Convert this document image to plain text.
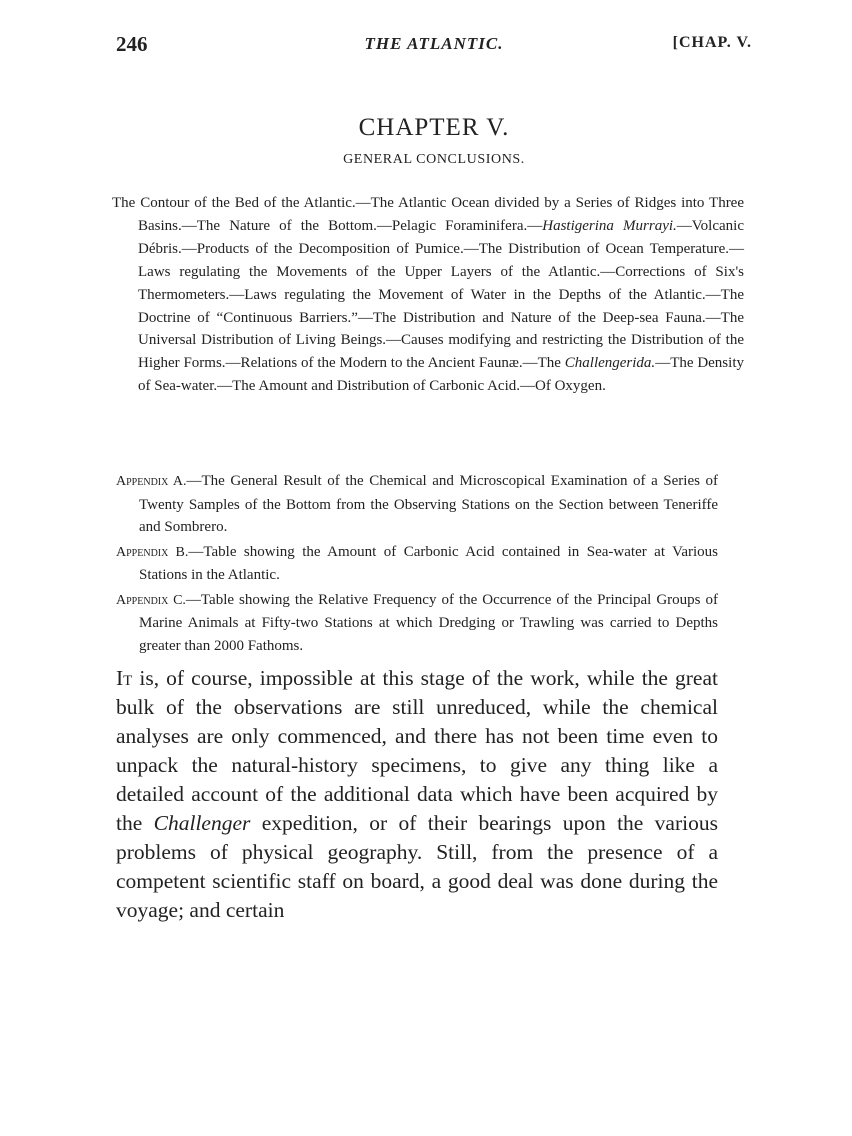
246	THE ATLANTIC.	[CHAP. V.
CHAPTER V.
GENERAL CONCLUSIONS.

The Contour of the Bed of the Atlantic.—The Atlantic Ocean divided by a Series of Ridges into Three Basins.—The Nature of the Bottom.—Pelagic Foraminifera.—Hastigerina Murrayi.—Volcanic Débris.—Products of the Decomposition of Pumice.—The Distribution of Ocean Temperature.—Laws regulating the Movements of the Upper Layers of the Atlantic.—Corrections of Six's Thermometers.—Laws regulating the Movement of Water in the Depths of the Atlantic.—The Doctrine of “Continuous Barriers.”—The Distribution and Nature of the Deep-sea Fauna.—The Universal Distribution of Living Beings.—Causes modifying and restricting the Distribution of the Higher Forms.—Relations of the Modern to the Ancient Faunæ.—The Challengerida.—The Density of Sea-water.—The Amount and Distribution of Carbonic Acid.—Of Oxygen.

Appendix A.—The General Result of the Chemical and Microscopical Examination of a Series of Twenty Samples of the Bottom from the Observing Stations on the Section between Teneriffe and Sombrero.

Appendix B.—Table showing the Amount of Carbonic Acid contained in Sea-water at Various Stations in the Atlantic.

Appendix C.—Table showing the Relative Frequency of the Occurrence of the Principal Groups of Marine Animals at Fifty-two Stations at which Dredging or Trawling was carried to Depths greater than 2000 Fathoms.

It is, of course, impossible at this stage of the work, while the great bulk of the observations are still unreduced, while the chemical analyses are only commenced, and there has not been time even to unpack the natural-history specimens, to give any thing like a detailed account of the additional data which have been acquired by the Challenger expedition, or of their bearings upon the various problems of physical geography. Still, from the presence of a competent scientific staff on board, a good deal was done during the voyage; and certain
